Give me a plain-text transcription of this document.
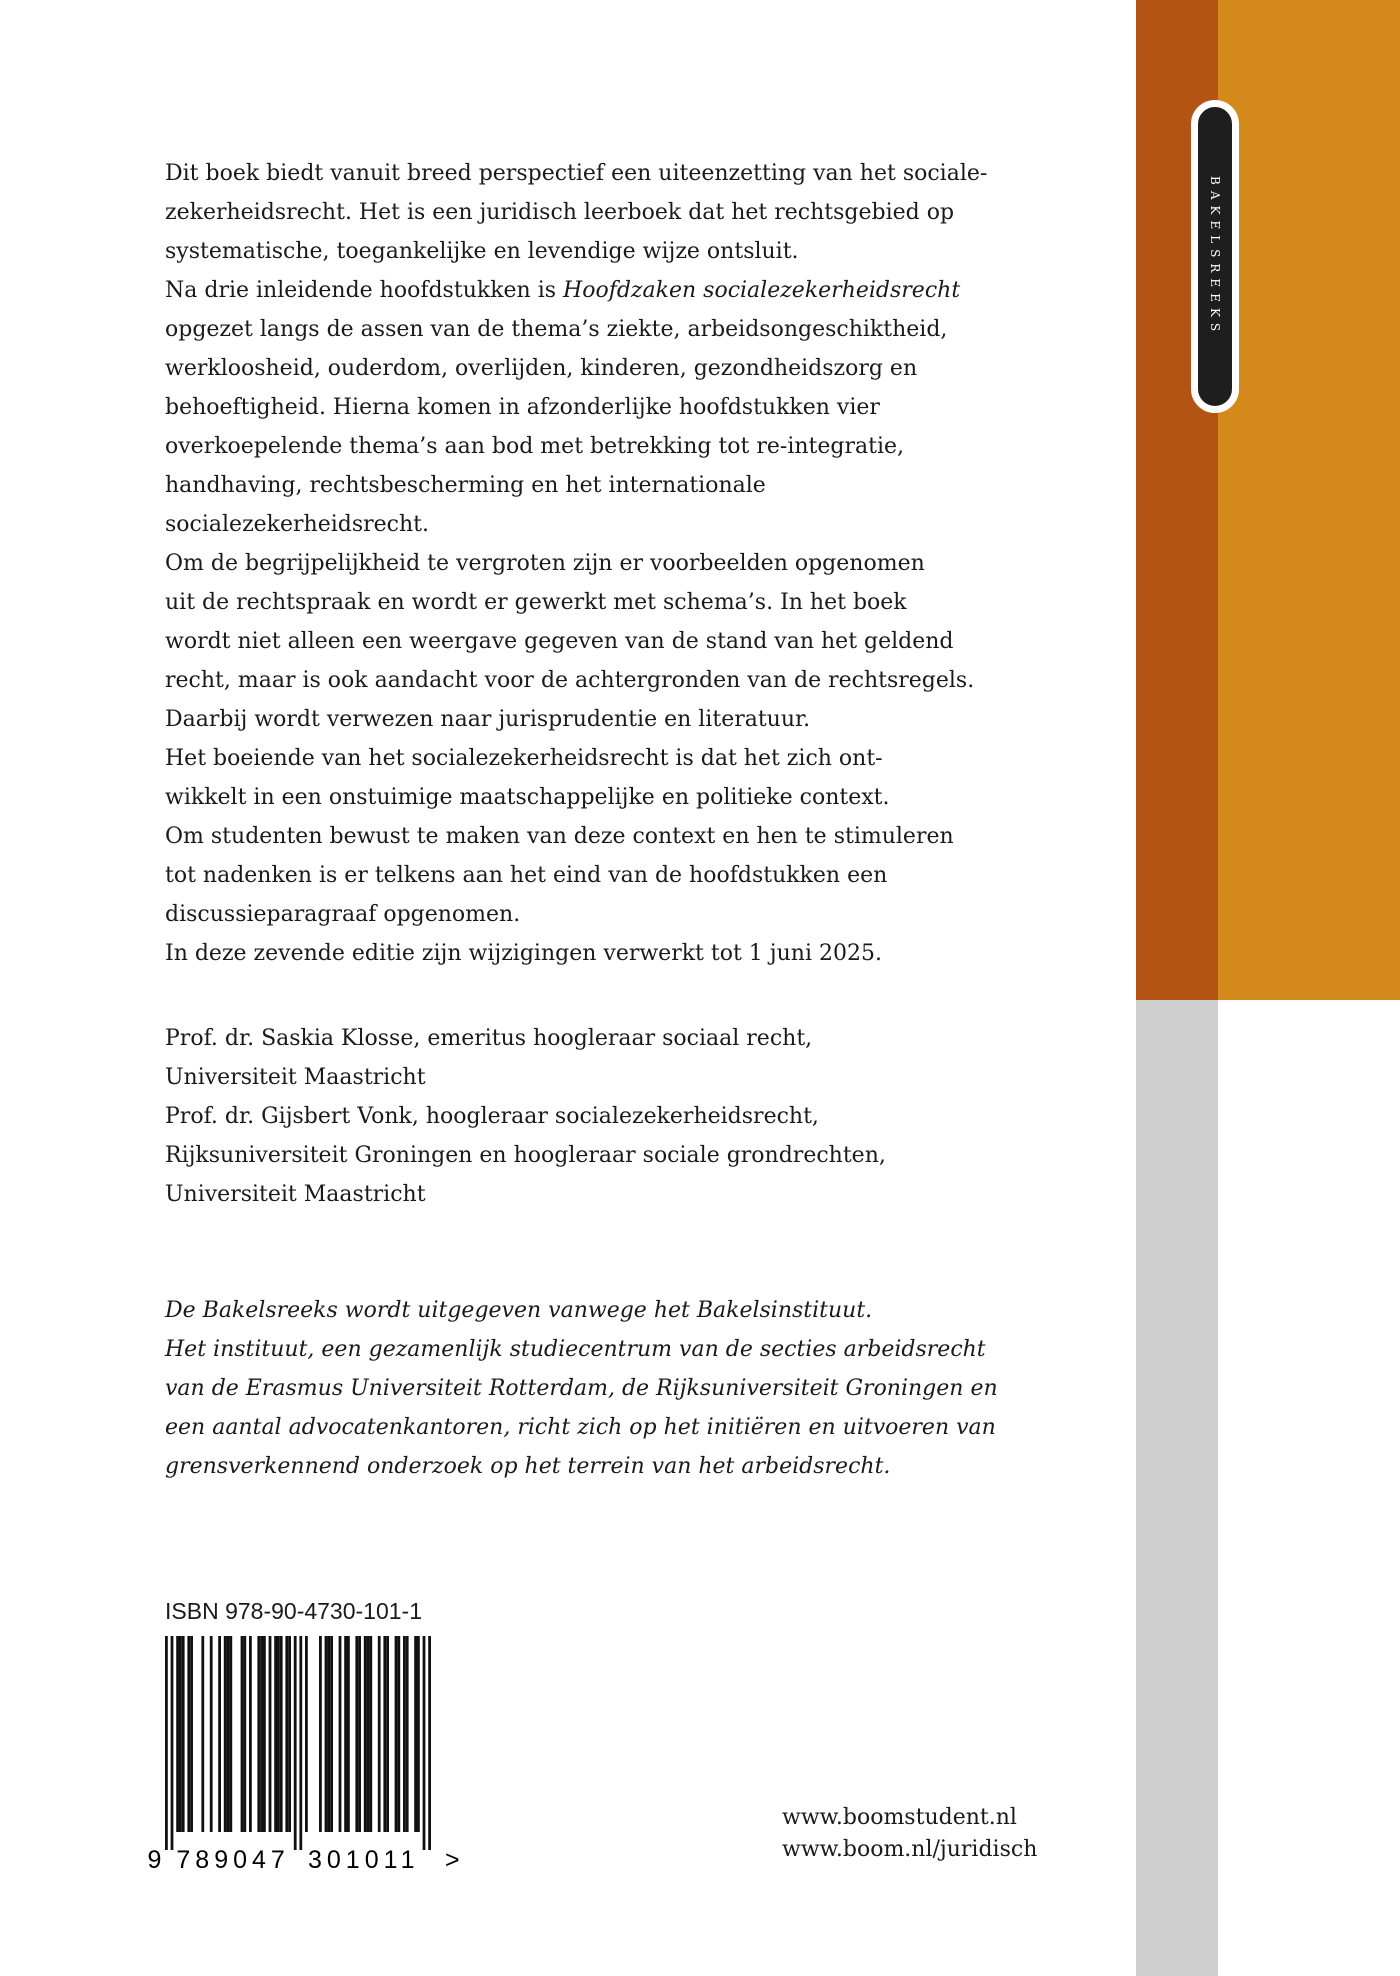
BAKELSREEKS
Dit boek biedt vanuit breed perspectief een uiteenzetting van het sociale-
zekerheidsrecht. Het is een juridisch leerboek dat het rechtsgebied op
systematische, toegankelijke en levendige wijze ontsluit.
Na drie inleidende hoofdstukken is Hoofdzaken socialezekerheidsrecht
opgezet langs de assen van de thema’s ziekte, arbeidsongeschiktheid,
werkloosheid, ouderdom, overlijden, kinderen, gezondheidszorg en
behoeftigheid. Hierna komen in afzonderlijke hoofdstukken vier
overkoepelende thema’s aan bod met betrekking tot re-integratie,
handhaving, rechtsbescherming en het internationale
socialezekerheidsrecht.
Om de begrijpelijkheid te vergroten zijn er voorbeelden opgenomen
uit de rechtspraak en wordt er gewerkt met schema’s. In het boek
wordt niet alleen een weergave gegeven van de stand van het geldend
recht, maar is ook aandacht voor de achtergronden van de rechtsregels.
Daarbij wordt verwezen naar jurisprudentie en literatuur.
Het boeiende van het socialezekerheidsrecht is dat het zich ont-
wikkelt in een onstuimige maatschappelijke en politieke context.
Om studenten bewust te maken van deze context en hen te stimuleren
tot nadenken is er telkens aan het eind van de hoofdstukken een
discussieparagraaf opgenomen.
In deze zevende editie zijn wijzigingen verwerkt tot 1 juni 2025.
Prof. dr. Saskia Klosse, emeritus hoogleraar sociaal recht,
Universiteit Maastricht
Prof. dr. Gijsbert Vonk, hoogleraar socialezekerheidsrecht,
Rijksuniversiteit Groningen en hoogleraar sociale grondrechten,
Universiteit Maastricht
De Bakelsreeks wordt uitgegeven vanwege het Bakelsinstituut.
Het instituut, een gezamenlijk studiecentrum van de secties arbeidsrecht
van de Erasmus Universiteit Rotterdam, de Rijksuniversiteit Groningen en
een aantal advocatenkantoren, richt zich op het initiëren en uitvoeren van
grensverkennend onderzoek op het terrein van het arbeidsrecht.
ISBN 978-90-4730-101-1
9 789047 301011 >
www.boomstudent.nl
www.boom.nl/juridisch
